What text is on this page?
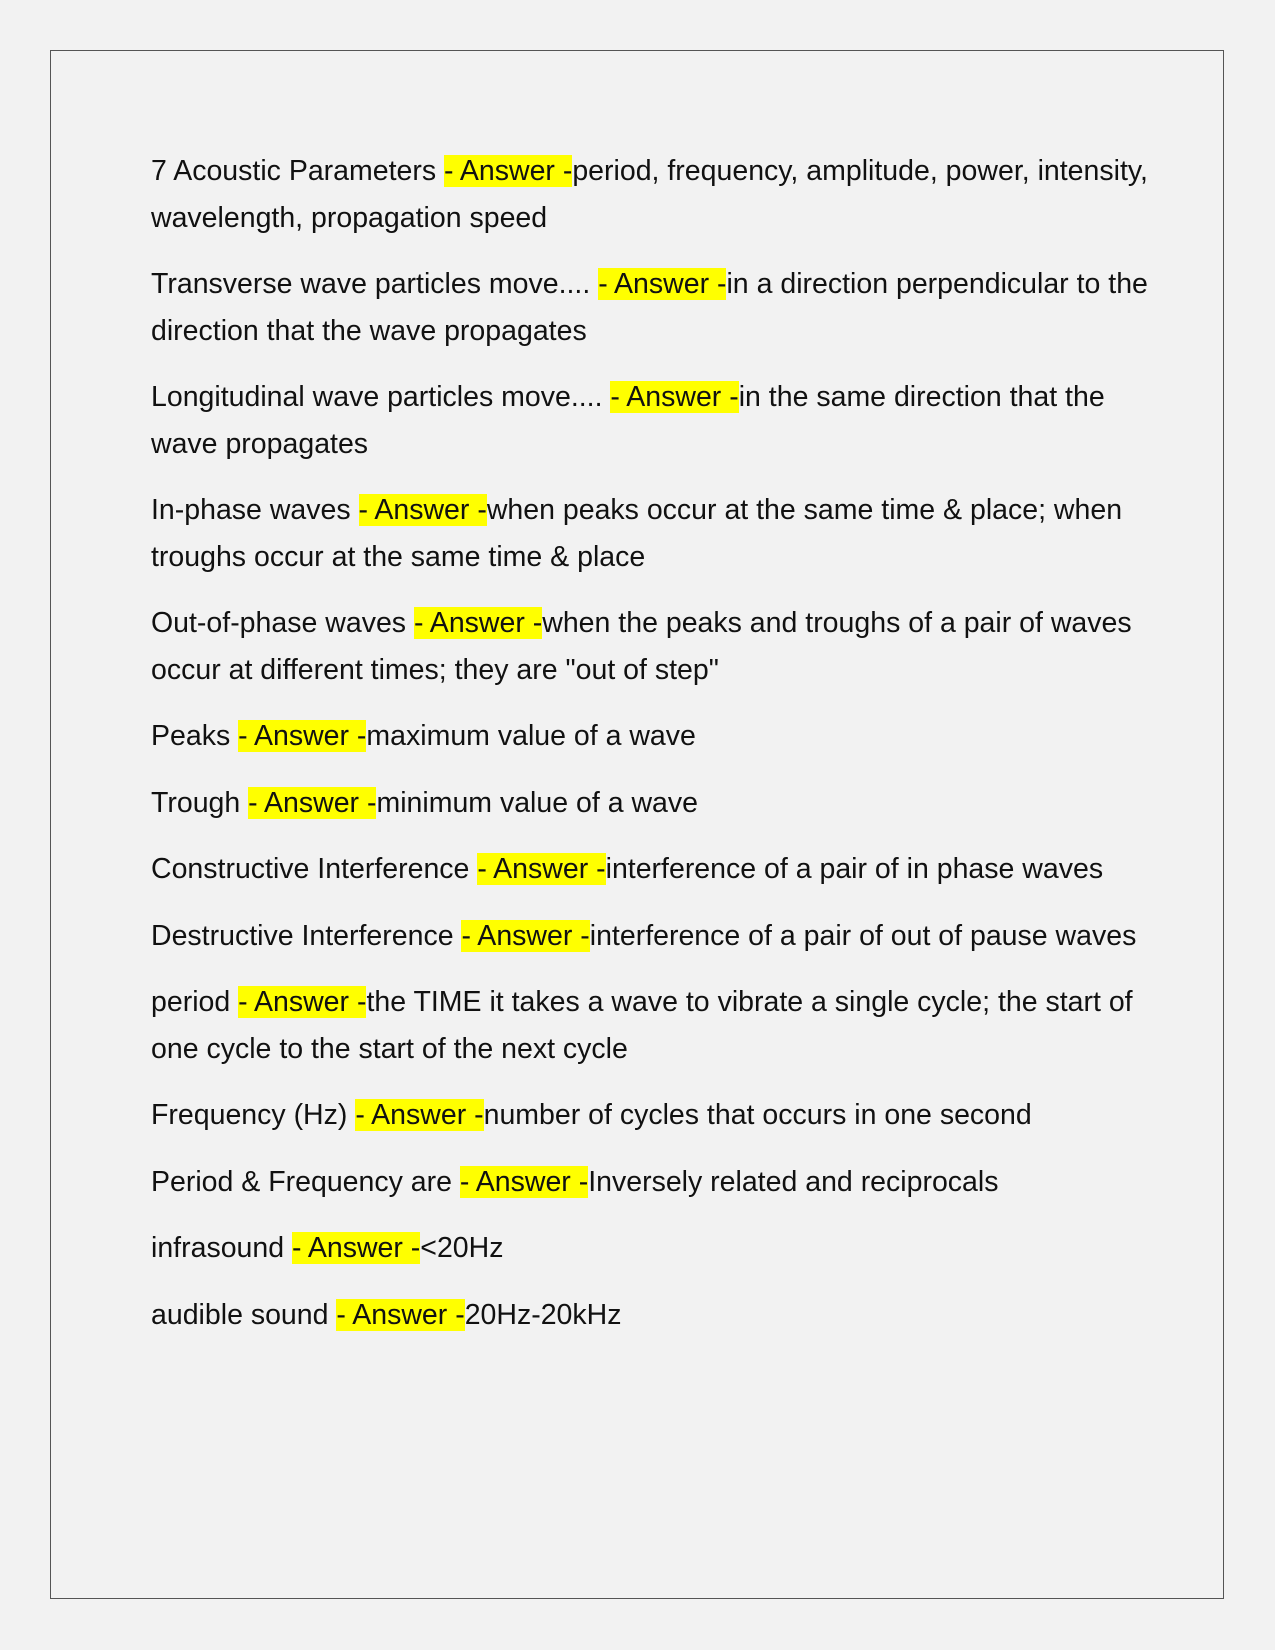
7 Acoustic Parameters - Answer -period, frequency, amplitude, power, intensity, wavelength, propagation speed

Transverse wave particles move.... - Answer -in a direction perpendicular to the direction that the wave propagates

Longitudinal wave particles move.... - Answer -in the same direction that the wave propagates

In-phase waves - Answer -when peaks occur at the same time & place; when troughs occur at the same time & place

Out-of-phase waves - Answer -when the peaks and troughs of a pair of waves occur at different times; they are "out of step"

Peaks - Answer -maximum value of a wave

Trough - Answer -minimum value of a wave

Constructive Interference - Answer -interference of a pair of in phase waves

Destructive Interference - Answer -interference of a pair of out of pause waves

period - Answer -the TIME it takes a wave to vibrate a single cycle; the start of one cycle to the start of the next cycle

Frequency (Hz) - Answer -number of cycles that occurs in one second

Period & Frequency are - Answer -Inversely related and reciprocals

infrasound - Answer -<20Hz

audible sound - Answer -20Hz-20kHz
